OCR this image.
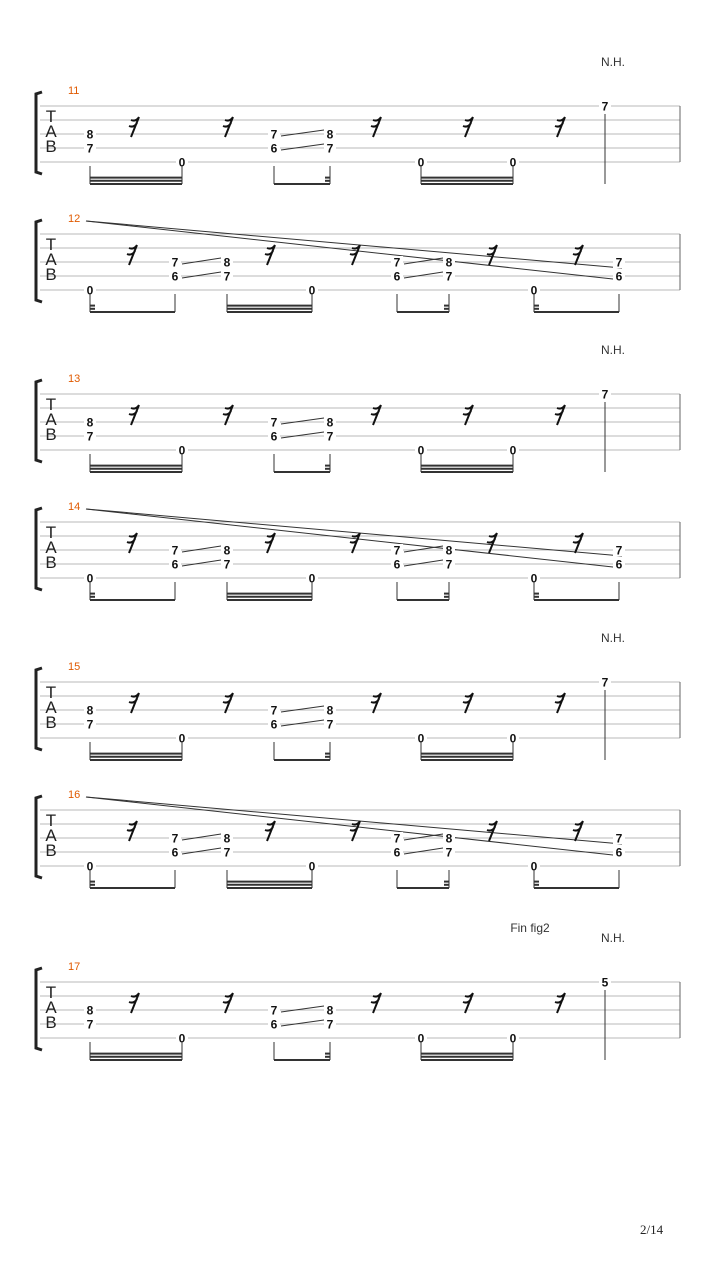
T
A
B
11
N.H.
8
7
0
7
6
8
7
0	0
7
T
A
B
12
0
7
6
8
7
0
7
6
8
7
0
7
6
T
A
B
13
N.H.
8
7
0
7
6
8
7
0	0
7
T
A
B
14
0
7
6
8
7
0
7
6
8
7
0
7
6
T
A
B
15
N.H.
8
7
0
7
6
8
7
0	0
7
T
A
B
16
0
7
6
8
7
0
7
6
8
7
0
7
6
T
A
B
17
N.H.
Fin fig2
8
7
0
7
6
8
7
0	0
5
2/14
